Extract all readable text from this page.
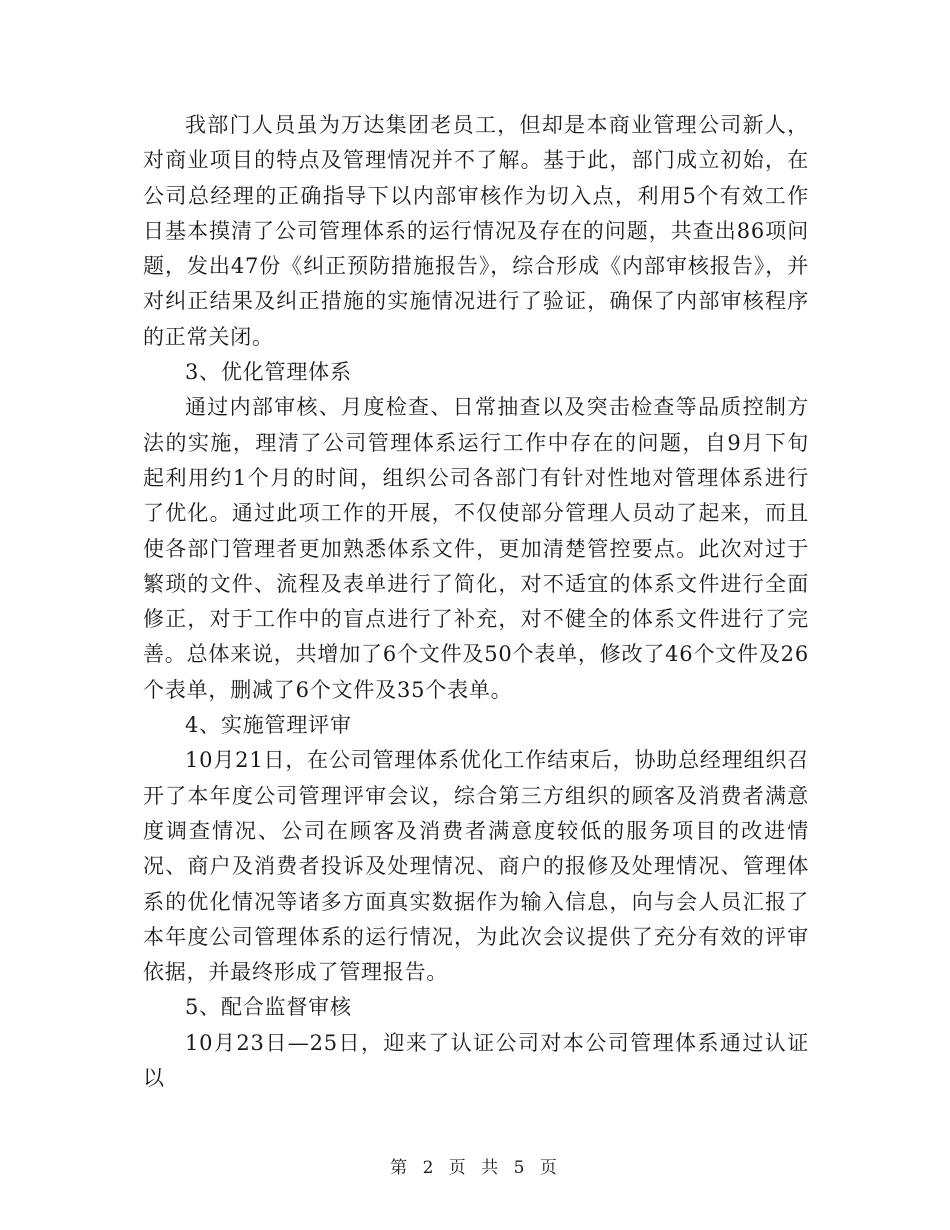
我部门人员虽为万达集团老员工，但却是本商业管理公司新人，对商业项目的特点及管理情况并不了解。基于此，部门成立初始，在公司总经理的正确指导下以内部审核作为切入点，利用5个有效工作日基本摸清了公司管理体系的运行情况及存在的问题，共查出86项问题，发出47份《纠正预防措施报告》，综合形成《内部审核报告》，并对纠正结果及纠正措施的实施情况进行了验证，确保了内部审核程序的正常关闭。

3、优化管理体系

通过内部审核、月度检查、日常抽查以及突击检查等品质控制方法的实施，理清了公司管理体系运行工作中存在的问题，自9月下旬起利用约1个月的时间，组织公司各部门有针对性地对管理体系进行了优化。通过此项工作的开展，不仅使部分管理人员动了起来，而且使各部门管理者更加熟悉体系文件，更加清楚管控要点。此次对过于繁琐的文件、流程及表单进行了简化，对不适宜的体系文件进行全面修正，对于工作中的盲点进行了补充，对不健全的体系文件进行了完善。总体来说，共增加了6个文件及50个表单，修改了46个文件及26个表单，删减了6个文件及35个表单。

4、实施管理评审

10月21日，在公司管理体系优化工作结束后，协助总经理组织召开了本年度公司管理评审会议，综合第三方组织的顾客及消费者满意度调查情况、公司在顾客及消费者满意度较低的服务项目的改进情况、商户及消费者投诉及处理情况、商户的报修及处理情况、管理体系的优化情况等诸多方面真实数据作为输入信息，向与会人员汇报了本年度公司管理体系的运行情况，为此次会议提供了充分有效的评审依据，并最终形成了管理报告。

5、配合监督审核

10月23日—25日，迎来了认证公司对本公司管理体系通过认证以

第 2 页 共 5 页
